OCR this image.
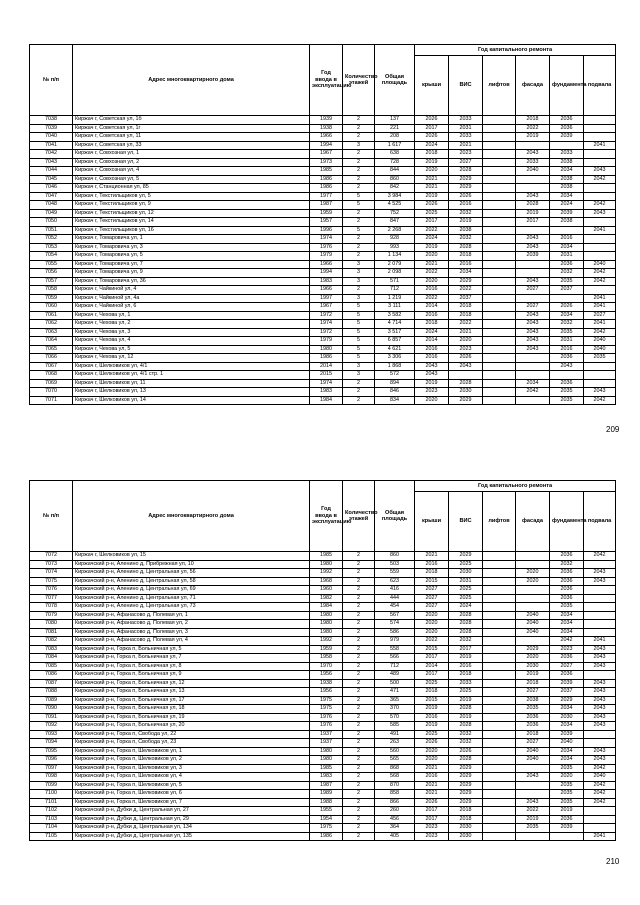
№ п/п	Адрес многоквартирного дома	Год ввода в эксплуатацию	Количество этажей	Общая площадь	Год капитального ремонта					
					крыши	ВИС	лифтов	фасада	фундамента	подвала
7038	Киржач г, Советская ул, 1б	1939	2	137	2026	2033		2018	2036	
7039	Киржач г, Советская ул, 1г	1938	2	221	2017	2031		2022	2036	
7040	Киржач г, Советская ул, 11	1966	2	208	2026	2033		2019	2039	
7041	Киржач г, Советская ул, 33	1994	3	1 617	2024	2021				2041
7042	Киржач г, Совхозная ул, 1	1967	2	638	2018	2023		2043	2033	
7043	Киржач г, Совхозная ул, 2	1973	2	728	2019	2027		2033	2038	
7044	Киржач г, Совхозная ул, 4	1985	2	844	2020	2028		2040	2034	2043
7045	Киржач г, Совхозная ул, 5	1986	2	860	2021	2029			2038	2042
7046	Киржач г, Станционная ул, 85	1986	2	842	2021	2029			2038	
7047	Киржач г, Текстильщиков ул, 5	1977	5	3 984	2019	2026		2043	2034	
7048	Киржач г, Текстильщиков ул, 9	1987	5	4 525	2026	2016		2028	2024	2042
7049	Киржач г, Текстильщиков ул, 12	1959	2	752	2025	2032		2019	2039	2043
7050	Киржач г, Текстильщиков ул, 14	1957	2	847	2017	2019		2017	2038	
7051	Киржач г, Текстильщиков ул, 16	1996	5	2 268	2022	2038				2041
7052	Киржач г, Томаровича ул, 1	1974	2	928	2024	2032		2043	2016	
7053	Киржач г, Томаровича ул, 3	1976	2	993	2019	2028		2043	2034	
7054	Киржач г, Томаровича ул, 5	1979	2	1 134	2020	2018		2039	2031	
7055	Киржач г, Томаровича ул, 7	1966	3	2 079	2021	2016			2036	2040
7056	Киржач г, Томаровича ул, 9	1994	3	2 098	2022	2034			2032	2042
7057	Киржач г, Томаровича ул, 36	1983	3	571	2020	2029		2043	2035	2042
7058	Киржач г, Чайкиной ул, 4	1966	2	712	2016	2022		2027	2037	
7059	Киржач г, Чайкиной ул, 4а	1997	3	1 219	2022	2037				2041
7060	Киржач г, Чайкиной ул, 6	1967	5	3 111	2014	2018		2027	2026	2041
7061	Киржач г, Чехова ул, 1	1972	5	3 582	2016	2018		2043	2034	2027
7062	Киржач г, Чехова ул, 2	1974	5	4 714	2018	2022		2043	2032	2041
7063	Киржач г, Чехова ул, 3	1972	5	3 517	2024	2021		2043	2035	2042
7064	Киржач г, Чехова ул, 4	1979	5	6 857	2014	2020		2043	2031	2040
7065	Киржач г, Чехова ул, 5	1980	5	4 621	2016	2023		2043	2016	2040
7066	Киржач г, Чехова ул, 12	1986	5	3 306	2016	2026			2036	2035
7067	Киржач г, Шелковиков ул, 4/1	2014	3	1 868	2043	2043			2043	
7068	Киржач г, Шелковиков ул, 4/1 стр. 1	2015	3	572	2043					
7069	Киржач г, Шелковиков ул, 11	1974	2	894	2019	2028		2034	2036	
7070	Киржач г, Шелковиков ул, 13	1983	2	846	2023	2030		2042	2035	2043
7071	Киржач г, Шелковиков ул, 14	1984	2	834	2020	2029			2035	2042
209
№ п/п	Адрес многоквартирного дома	Год ввода в эксплуатацию	Количество этажей	Общая площадь	Год капитального ремонта					
					крыши	ВИС	лифтов	фасада	фундамента	подвала
7072	Киржач г, Шелковиков ул, 15	1985	2	860	2021	2029			2036	2042
7073	Киржачский р-н, Аленино д, Прибрежная ул, 10	1980	2	503	2016	2025			2032	
7074	Киржачский р-н, Аленино д, Центральная ул, 56	1992	2	559	2018	2030		2020	2036	2043
7075	Киржачский р-н, Аленино д, Центральная ул, 58	1968	2	623	2015	2031		2020	2036	2043
7076	Киржачский р-н, Аленино д, Центральная ул, 69	1960	2	416	2027	2025			2036	
7077	Киржачский р-н, Аленино д, Центральная ул, 71	1982	2	444	2027	2025			2036	
7078	Киржачский р-н, Аленино д, Центральная ул, 73	1984	2	454	2027	2024			2035	
7079	Киржачский р-н, Афанасово д, Полевая ул, 1	1980	2	567	2020	2028		2040	2034	
7080	Киржачский р-н, Афанасово д, Полевая ул, 2	1980	2	574	2020	2028		2040	2034	
7081	Киржачский р-н, Афанасово д, Полевая ул, 3	1980	2	586	2020	2028		2040	2034	
7082	Киржачский р-н, Афанасово д, Полевая ул, 4	1992	2	979	2022	2032			2042	2041
7083	Киржачский р-н, Горка п, Больничная ул, 5	1959	2	558	2015	2017		2029	2023	2043
7084	Киржачский р-н, Горка п, Больничная ул, 7	1958	2	566	2017	2019		2020	2036	2043
7085	Киржачский р-н, Горка п, Больничная ул, 8	1970	2	712	2014	2016		2030	2027	2043
7086	Киржачский р-н, Горка п, Больничная ул, 9	1956	2	489	2017	2018		2019	2036	
7087	Киржачский р-н, Горка п, Больничная ул, 12	1938	2	500	2025	2033		2018	2039	2043
7088	Киржачский р-н, Горка п, Больничная ул, 13	1956	2	471	2018	2025		2027	2037	2043
7089	Киржачский р-н, Горка п, Больничная ул, 17	1975	2	365	2015	2019		2038	2029	2043
7090	Киржачский р-н, Горка п, Больничная ул, 18	1975	2	370	2019	2028		2035	2034	2043
7091	Киржачский р-н, Горка п, Больничная ул, 19	1976	2	570	2016	2019		2036	2030	2043
7092	Киржачский р-н, Горка п, Больничная ул, 20	1976	2	585	2019	2028		2036	2034	2043
7093	Киржачский р-н, Горка п, Свобода ул, 22	1937	2	491	2025	2032		2018	2039	
7094	Киржачский р-н, Горка п, Свобода ул, 23	1937	2	263	2026	2032		2027	2040	
7095	Киржачский р-н, Горка п, Шелковиков ул, 1	1980	2	560	2020	2026		2040	2034	2043
7096	Киржачский р-н, Горка п, Шелковиков ул, 2	1980	2	565	2020	2028		2040	2034	2043
7097	Киржачский р-н, Горка п, Шелковиков ул, 3	1985	2	868	2021	2029			2035	2042
7098	Киржачский р-н, Горка п, Шелковиков ул, 4	1983	2	568	2016	2029		2043	2020	2040
7099	Киржачский р-н, Горка п, Шелковиков ул, 5	1987	2	870	2021	2029			2035	2042
7100	Киржачский р-н, Горка п, Шелковиков ул, 6	1989	2	858	2021	2029			2035	2042
7101	Киржачский р-н, Горка п, Шелковиков ул, 7	1988	2	866	2026	2029		2043	2035	2042
7102	Киржачский р-н, Дубки д, Центральная ул, 27	1955	2	260	2017	2018		2022	2019	
7103	Киржачский р-н, Дубки д, Центральная ул, 29	1954	2	456	2017	2018		2019	2036	
7104	Киржачский р-н, Дубки д, Центральная ул, 134	1975	2	364	2023	2030		2035	2039	
7105	Киржачский р-н, Дубки д, Центральная ул, 135	1986	2	405	2023	2030				2041
210
